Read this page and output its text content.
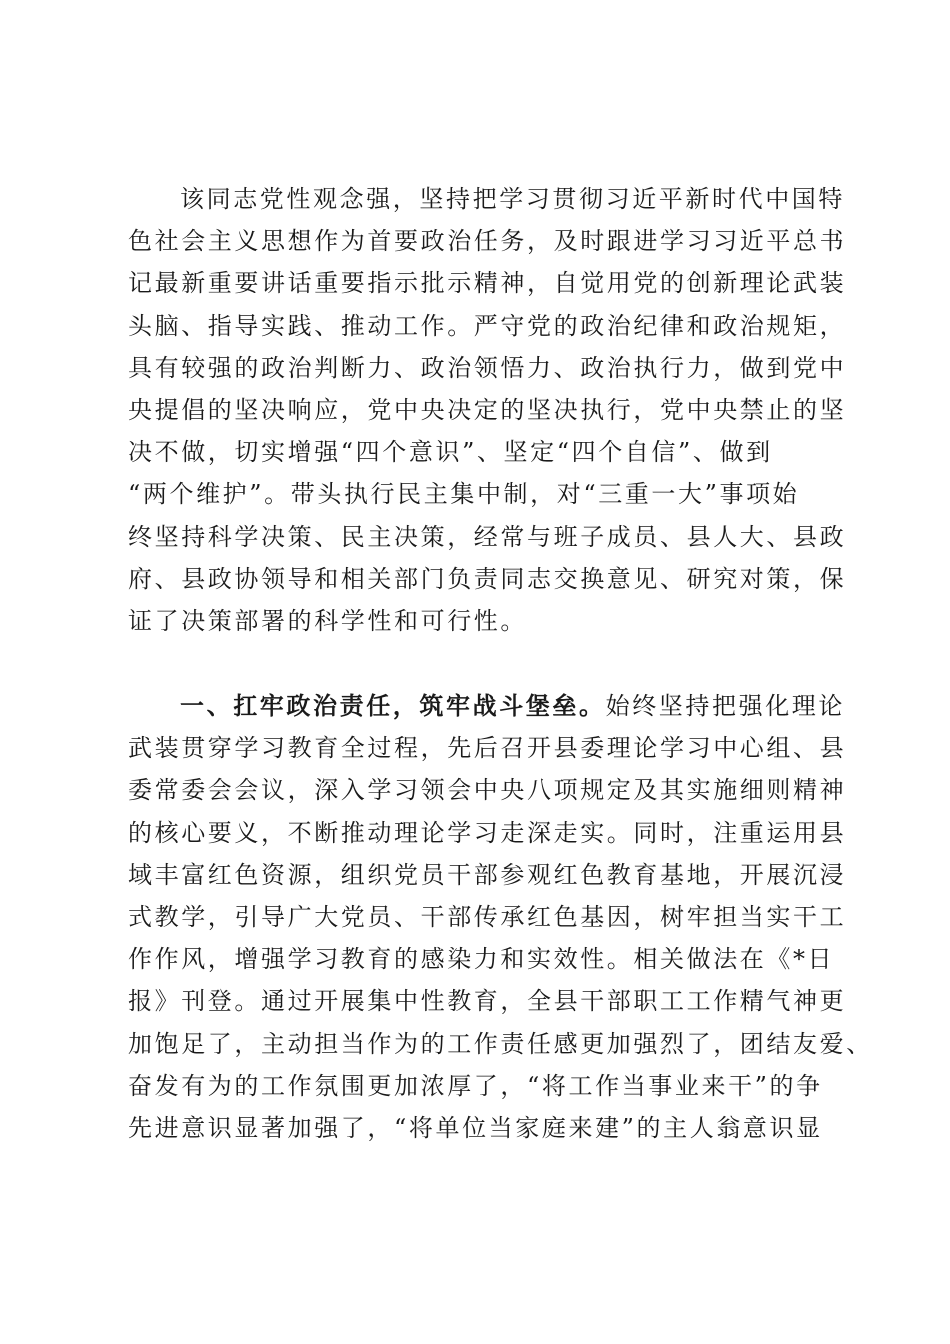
该同志党性观念强，坚持把学习贯彻习近平新时代中国特
色社会主义思想作为首要政治任务，及时跟进学习习近平总书
记最新重要讲话重要指示批示精神，自觉用党的创新理论武装
头脑、指导实践、推动工作。严守党的政治纪律和政治规矩，
具有较强的政治判断力、政治领悟力、政治执行力，做到党中
央提倡的坚决响应，党中央决定的坚决执行，党中央禁止的坚
决不做，切实增强“四个意识”、坚定“四个自信”、做到
“两个维护”。带头执行民主集中制，对“三重一大”事项始
终坚持科学决策、民主决策，经常与班子成员、县人大、县政
府、县政协领导和相关部门负责同志交换意见、研究对策，保
证了决策部署的科学性和可行性。
一、扛牢政治责任，筑牢战斗堡垒。始终坚持把强化理论
武装贯穿学习教育全过程，先后召开县委理论学习中心组、县
委常委会会议，深入学习领会中央八项规定及其实施细则精神
的核心要义，不断推动理论学习走深走实。同时，注重运用县
域丰富红色资源，组织党员干部参观红色教育基地，开展沉浸
式教学，引导广大党员、干部传承红色基因，树牢担当实干工
作作风，增强学习教育的感染力和实效性。相关做法在《*日
报》刊登。通过开展集中性教育，全县干部职工工作精气神更
加饱足了，主动担当作为的工作责任感更加强烈了，团结友爱、
奋发有为的工作氛围更加浓厚了，“将工作当事业来干”的争
先进意识显著加强了，“将单位当家庭来建”的主人翁意识显
